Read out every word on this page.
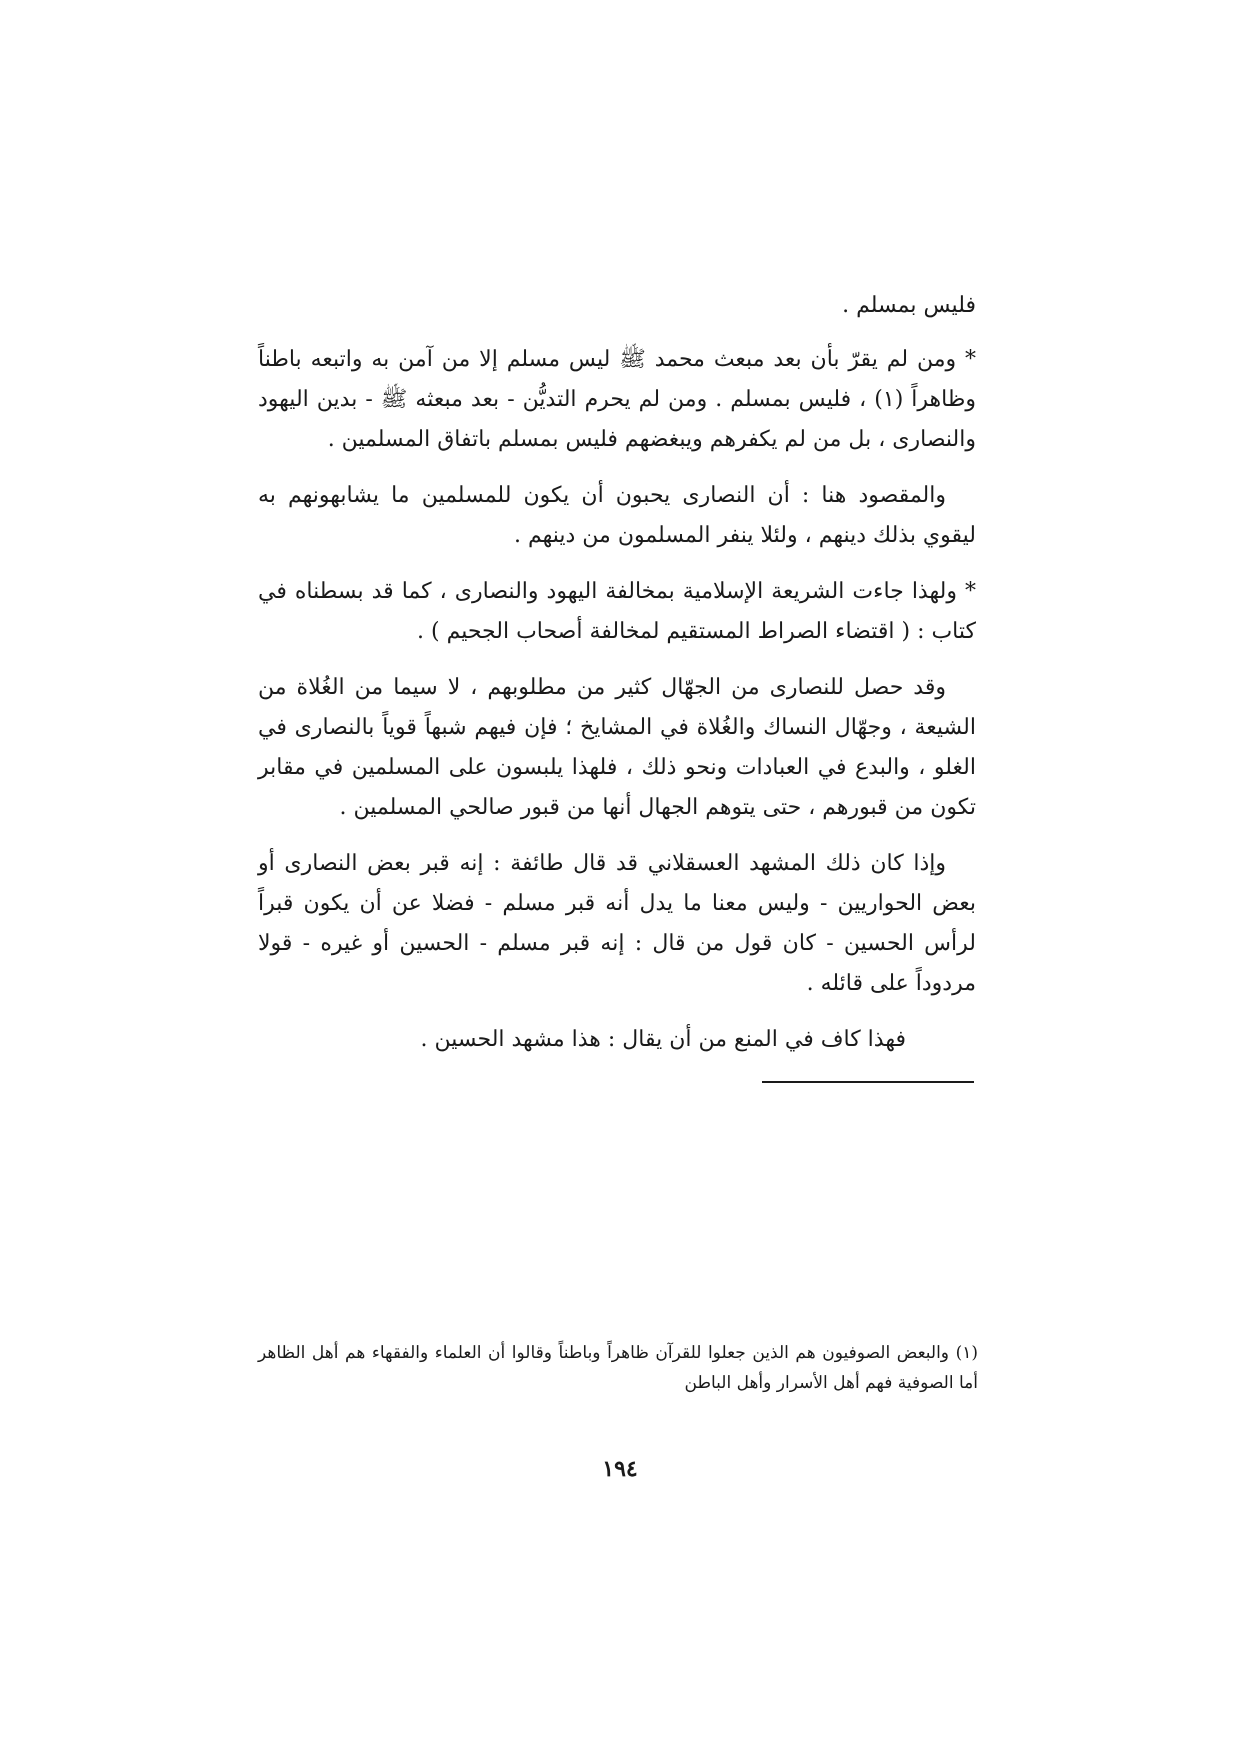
فليس بمسلم .

* ومن لم يقرّ بأن بعد مبعث محمد ﷺ ليس مسلم إلا من آمن به واتبعه باطناً وظاهراً (١) ، فليس بمسلم . ومن لم يحرم التديُّن - بعد مبعثه ﷺ - بدين اليهود والنصارى ، بل من لم يكفرهم ويبغضهم فليس بمسلم باتفاق المسلمين .

والمقصود هنا : أن النصارى يحبون أن يكون للمسلمين ما يشابهونهم به ليقوي بذلك دينهم ، ولئلا ينفر المسلمون من دينهم .

* ولهذا جاءت الشريعة الإسلامية بمخالفة اليهود والنصارى ، كما قد بسطناه في كتاب : ( اقتضاء الصراط المستقيم لمخالفة أصحاب الجحيم ) .

وقد حصل للنصارى من الجهّال كثير من مطلوبهم ، لا سيما من الغُلاة من الشيعة ، وجهّال النساك والغُلاة في المشايخ ؛ فإن فيهم شبهاً قوياً بالنصارى في الغلو ، والبدع في العبادات ونحو ذلك ، فلهذا يلبسون على المسلمين في مقابر تكون من قبورهم ، حتى يتوهم الجهال أنها من قبور صالحي المسلمين .

وإذا كان ذلك المشهد العسقلاني قد قال طائفة : إنه قبر بعض النصارى أو بعض الحواريين - وليس معنا ما يدل أنه قبر مسلم - فضلا عن أن يكون قبراً لرأس الحسين - كان قول من قال : إنه قبر مسلم - الحسين أو غيره - قولا مردوداً على قائله .

فهذا كاف في المنع من أن يقال : هذا مشهد الحسين .

(١) والبعض الصوفيون هم الذين جعلوا للقرآن ظاهراً وباطناً وقالوا أن العلماء والفقهاء هم أهل الظاهر أما الصوفية فهم أهل الأسرار وأهل الباطن
١٩٤
